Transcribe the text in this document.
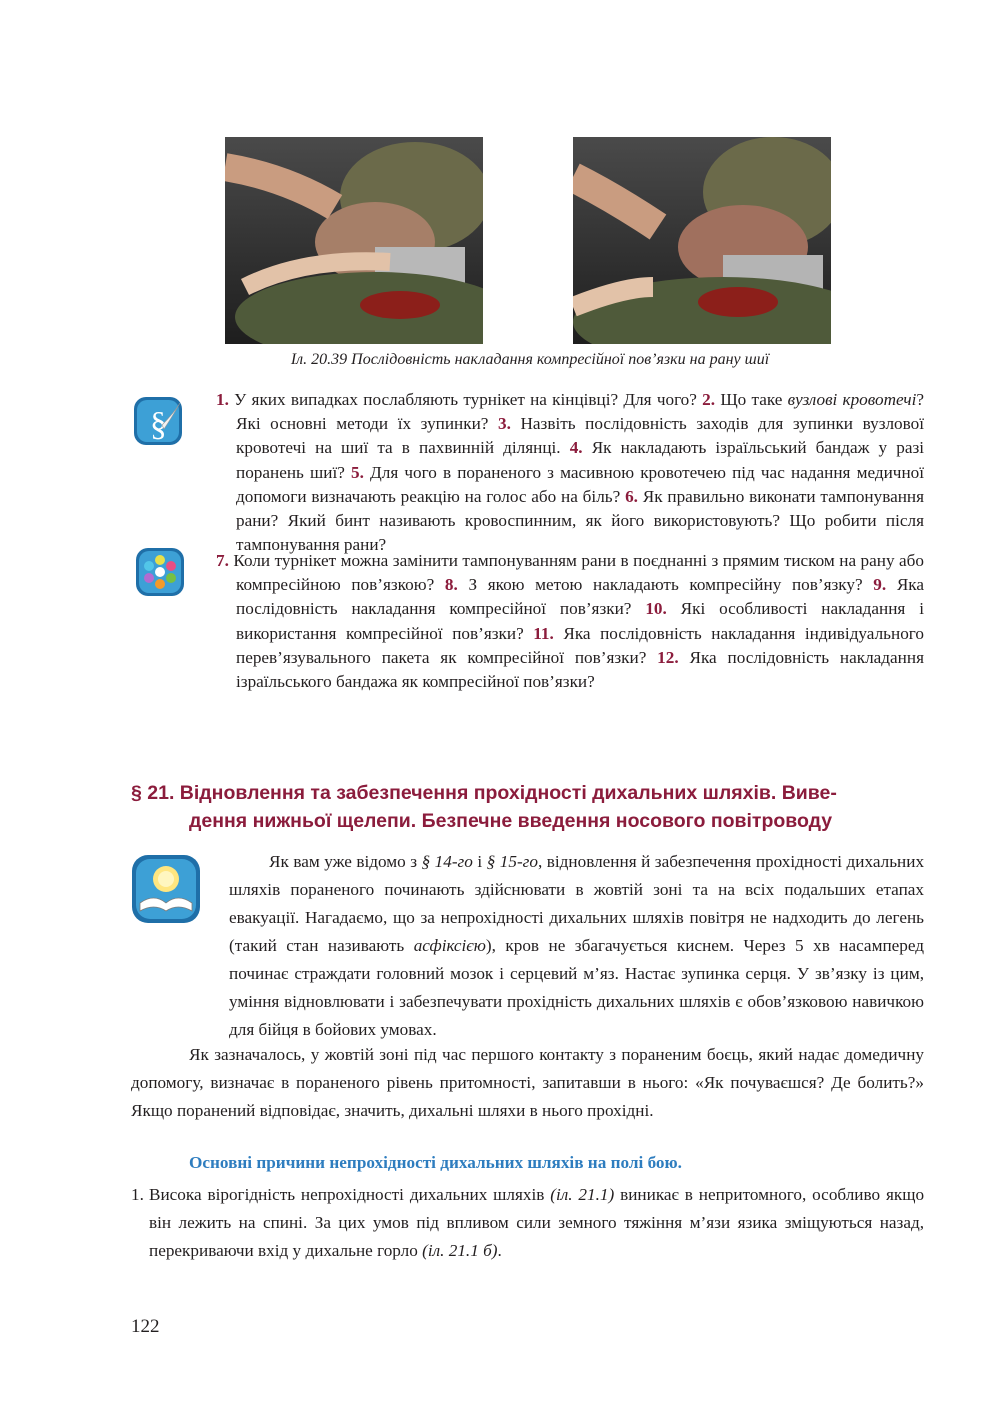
Іл. 20.39 Послідовність накладання компресійної пов’язки на рану шиї
§

1. У яких випадках послабляють турнікет на кінцівці? Для чого? 2. Що таке вузлові кровотечі? Які основні методи їх зупинки? 3. Назвіть послідовність заходів для зупинки вузлової кровотечі на шиї та в пахвинній ділянці. 4. Як накладають ізраїльський бандаж у разі поранень шиї? 5. Для чого в пораненого з масивною кровотечею під час надання медичної допомоги визначають реакцію на голос або на біль? 6. Як правильно виконати тампонування рани? Який бинт називають кровоспинним, як його використовують? Що робити після тампонування рани?

7. Коли турнікет можна замінити тампонуванням рани в поєднанні з прямим тиском на рану або компресійною пов’язкою? 8. З якою метою накладають компресійну пов’язку? 9. Яка послідовність накладання компресійної пов’язки? 10. Які особливості накладання і використання компресійної пов’язки? 11. Яка послідовність накладання індивідуального перев’язувального пакета як компресійної пов’язки? 12. Яка послідовність накладання ізраїльського бандажа як компресійної пов’язки?

§ 21. Відновлення та забезпечення прохідності дихальних шляхів. Виве-
дення нижньої щелепи. Безпечне введення носового повітроводу
Як вам уже відомо з § 14-го і § 15-го, відновлення й забезпечення прохідності дихальних шляхів пораненого починають здійснювати в жовтій зоні та на всіх подальших етапах евакуації. Нагадаємо, що за непрохідності дихальних шляхів повітря не надходить до легень (такий стан називають асфіксією), кров не збагачується киснем. Через 5 хв насамперед починає страждати головний мозок і серцевий м’яз. Настає зупинка серця. У зв’язку із цим, уміння відновлювати і забезпечувати прохідність дихальних шляхів є обов’язковою навичкою для бійця в бойових умовах.

Як зазначалось, у жовтій зоні під час першого контакту з пораненим боєць, який надає домедичну допомогу, визначає в пораненого рівень притомності, запитавши в нього: «Як почуваєшся? Де болить?» Якщо поранений відповідає, значить, дихальні шляхи в нього прохідні.

Основні причини непрохідності дихальних шляхів на полі бою.
1. Висока вірогідність непрохідності дихальних шляхів (іл. 21.1) виникає в непритомного, особливо якщо він лежить на спині. За цих умов під впливом сили земного тяжіння м’язи язика зміщуються назад, перекриваючи вхід у дихальне горло (іл. 21.1 б).
122
